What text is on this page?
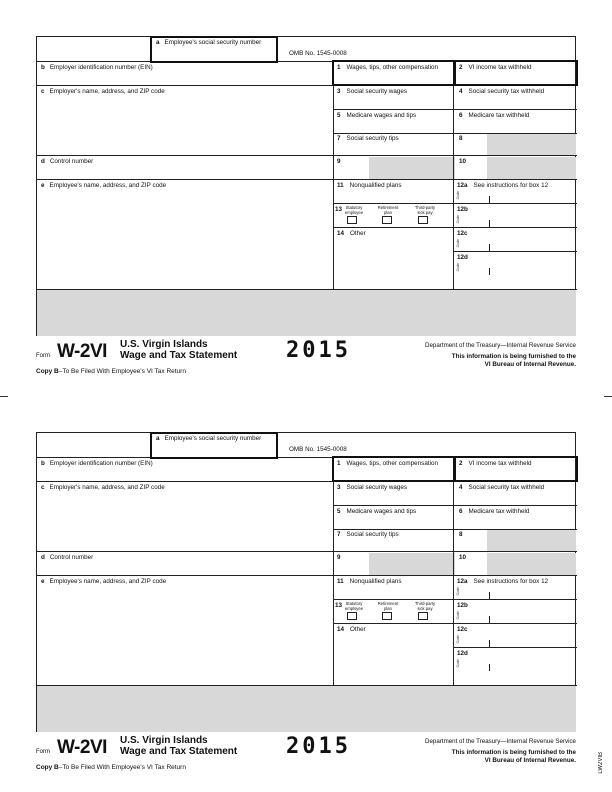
a Employee's social security number
OMB No. 1545-0008
b Employer identification number (EIN)	1 Wages, tips, other compensation	2 VI income tax withheld
c Employer's name, address, and ZIP code	3 Social security wages	4 Social security tax withheld
5 Medicare wages and tips	6 Medicare tax withheld
7 Social security tips	8
d Control number	9	10
e Employee's name, address, and ZIP code	11 Nonqualified plans	12a See instructions for box 12
Code
12b
Code
12c
Code
12d
Code
13 Statutory employee
Retirement plan
Third-party sick pay
14 Other
Form W-2VI U.S. Virgin Islands
Wage and Tax Statement 2015	Department of the Treasury—Internal Revenue Service
This information is being furnished to the
VI Bureau of Internal Revenue.
Copy B–To Be Filed With Employee's VI Tax Return
a Employee's social security number
OMB No. 1545-0008
b Employer identification number (EIN)	1 Wages, tips, other compensation	2 VI income tax withheld
c Employer's name, address, and ZIP code	3 Social security wages	4 Social security tax withheld
5 Medicare wages and tips	6 Medicare tax withheld
7 Social security tips	8
d Control number	9	10
e Employee's name, address, and ZIP code	11 Nonqualified plans	12a See instructions for box 12
Code
12b
Code
12c
Code
12d
Code
13 Statutory employee
Retirement plan
Third-party sick pay
14 Other
Form W-2VI U.S. Virgin Islands
Wage and Tax Statement 2015	Department of the Treasury—Internal Revenue Service
This information is being furnished to the
VI Bureau of Internal Revenue.
Copy B–To Be Filed With Employee's VI Tax Return	LW2VIB
